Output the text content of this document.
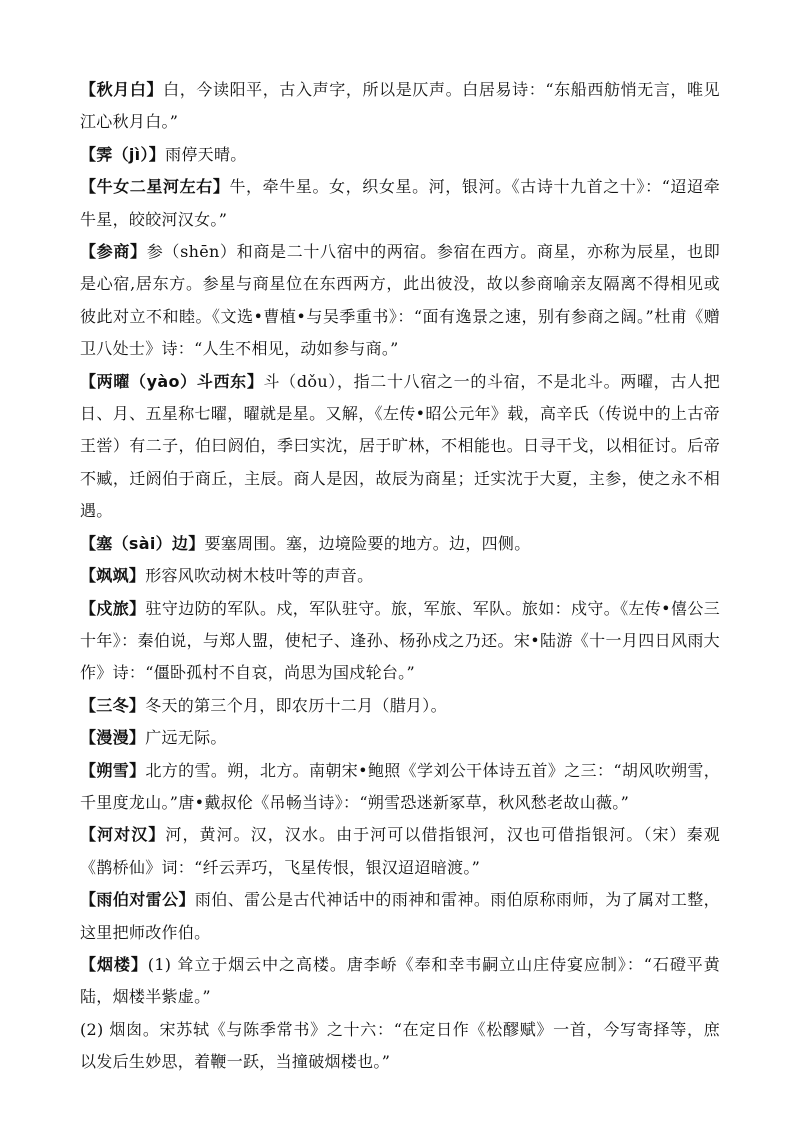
【秋月白】白，今读阳平，古入声字，所以是仄声。白居易诗：“东船西舫悄无言，唯见江心秋月白。”

【霁（jì）】雨停天晴。

【牛女二星河左右】牛，牵牛星。女，织女星。河，银河。《古诗十九首之十》：“迢迢牵牛星，皎皎河汉女。”

【参商】参（shēn）和商是二十八宿中的两宿。参宿在西方。商星，亦称为辰星，也即是心宿,居东方。参星与商星位在东西两方，此出彼没，故以参商喻亲友隔离不得相见或彼此对立不和睦。《文选•曹植•与吴季重书》：“面有逸景之速，别有参商之阔。”杜甫《赠卫八处士》诗：“人生不相见，动如参与商。”

【两曜（yào）斗西东】斗（dǒu），指二十八宿之一的斗宿，不是北斗。两曜，古人把日、月、五星称七曜，曜就是星。又解，《左传•昭公元年》载，高辛氏（传说中的上古帝王喾）有二子，伯曰阏伯，季曰实沈，居于旷林，不相能也。日寻干戈，以相征讨。后帝不臧，迁阏伯于商丘，主辰。商人是因，故辰为商星；迁实沈于大夏，主参，使之永不相遇。

【塞（sài）边】要塞周围。塞，边境险要的地方。边，四侧。

【飒飒】形容风吹动树木枝叶等的声音。

【戍旅】驻守边防的军队。戍，军队驻守。旅，军旅、军队。旅如：戍守。《左传•僖公三十年》：秦伯说，与郑人盟，使杞子、逢孙、杨孙戍之乃还。宋•陆游《十一月四日风雨大作》诗：“僵卧孤村不自哀，尚思为国戍轮台。”

【三冬】冬天的第三个月，即农历十二月（腊月）。

【漫漫】广远无际。

【朔雪】北方的雪。朔，北方。南朝宋•鲍照《学刘公干体诗五首》之三：“胡风吹朔雪，千里度龙山。”唐•戴叔伦《吊畅当诗》：“朔雪恐迷新冢草，秋风愁老故山薇。”

【河对汉】河，黄河。汉，汉水。由于河可以借指银河，汉也可借指银河。（宋）秦观《鹊桥仙》词：“纤云弄巧，飞星传恨，银汉迢迢暗渡。”

【雨伯对雷公】雨伯、雷公是古代神话中的雨神和雷神。雨伯原称雨师，为了属对工整，这里把师改作伯。

【烟楼】(1) 耸立于烟云中之高楼。唐李峤《奉和幸韦嗣立山庄侍宴应制》：“石磴平黄陆，烟楼半紫虚。”

(2) 烟囱。宋苏轼《与陈季常书》之十六：“在定日作《松醪赋》一首，今写寄择等，庶以发后生妙思，着鞭一跃，当撞破烟楼也。”
